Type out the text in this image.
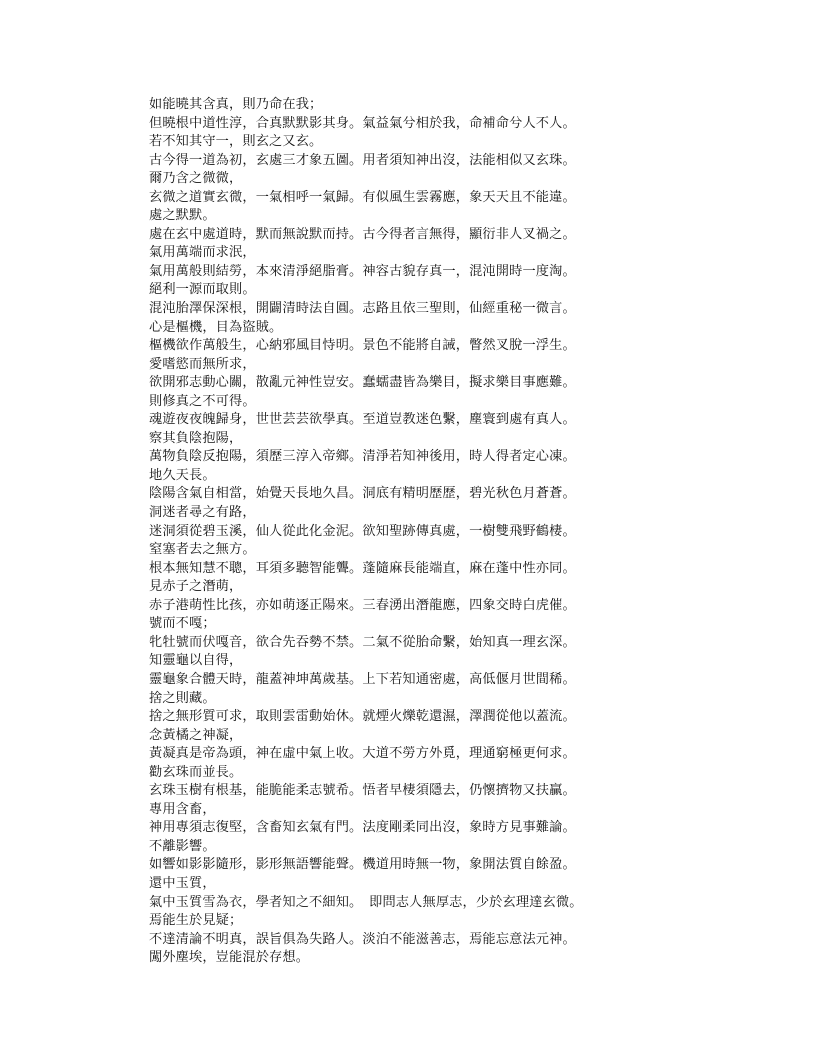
如能曉其含真，則乃命在我；
但曉根中道性淳，合真默默影其身。氣益氣兮相於我，命補命兮人不人。
若不知其守一，則玄之又玄。
古今得一道為初，玄處三才象五圖。用者須知神出沒，法能相似又玄珠。
爾乃含之微微，
玄微之道實玄微，一氣相呼一氣歸。有似風生雲霧應，象天天且不能違。
處之默默。
處在玄中處道時，默而無說默而持。古今得者言無得，顯衍非人叉禍之。
氣用萬端而求泯，
氣用萬般則結勞，本來清淨絕脂膏。神容古貌存真一，混沌開時一度淘。
絕利一源而取則。
混沌胎澤保深根，開闢清時法自圓。志路且依三聖則，仙經重秘一微言。
心是樞機，目為盜賊。
樞機欲作萬般生，心納邪風目恃明。景色不能將自誡，瞥然叉脫一浮生。
愛嗜慾而無所求，
欲開邪志動心關，散亂元神性豈安。蠢蠕盡皆為樂目，擬求樂目事應難。
則修真之不可得。
魂遊夜夜魄歸身，世世芸芸欲學真。至道豈教迷色繫，塵寰到處有真人。
察其負陰抱陽，
萬物負陰反抱陽，須歷三淳入帝鄉。清淨若知神後用，時人得者定心凍。
地久天長。
陰陽含氣自相當，始覺天長地久昌。洞底有精明歷歷，碧光秋色月蒼蒼。
洞迷者尋之有路，
迷洞須從碧玉溪，仙人從此化金泥。欲知聖跡傳真處，一樹雙飛野鶴棲。
窒塞者去之無方。
根本無知慧不聰，耳須多聽智能聾。蓬隨麻長能端直，麻在蓬中性亦同。
見赤子之潛萌，
赤子港萌性比孩，亦如萌逐正陽來。三春湧出潛龍應，四象交時白虎催。
號而不嘎；
牝牡號而伏嘎音，欲合先吞勢不禁。二氣不從胎命繫，始知真一理玄深。
知靈龜以自得，
靈龜象合體天時，龍蓋神坤萬歲基。上下若知通密處，高低偃月世間稀。
捨之則藏。
捨之無形質可求，取則雲雷動始休。就煙火爍乾還濕，澤潤從他以蓋流。
念黃橘之神凝，
黃凝真是帝為頭，神在虛中氣上收。大道不勞方外覓，理通窮極更何求。
勸玄珠而並長。
玄珠玉樹有根基，能脆能柔志號希。悟者早棲須隱去，仍懷擠物又扶贏。
專用含畜，
神用專須志復堅，含畜知玄氣有門。法度剛柔同出沒，象時方見事難論。
不離影響。
如響如影影隨形，影形無語響能聲。機道用時無一物，象開法質自餘盈。
還中玉質，
氣中玉質雪為衣，學者知之不細知。　即問志人無厚志，少於玄理達玄微。
焉能生於見疑；
不達清論不明真，誤旨俱為失路人。淡泊不能滋善志，焉能忘意法元神。
闖外塵埃，豈能混於存想。
